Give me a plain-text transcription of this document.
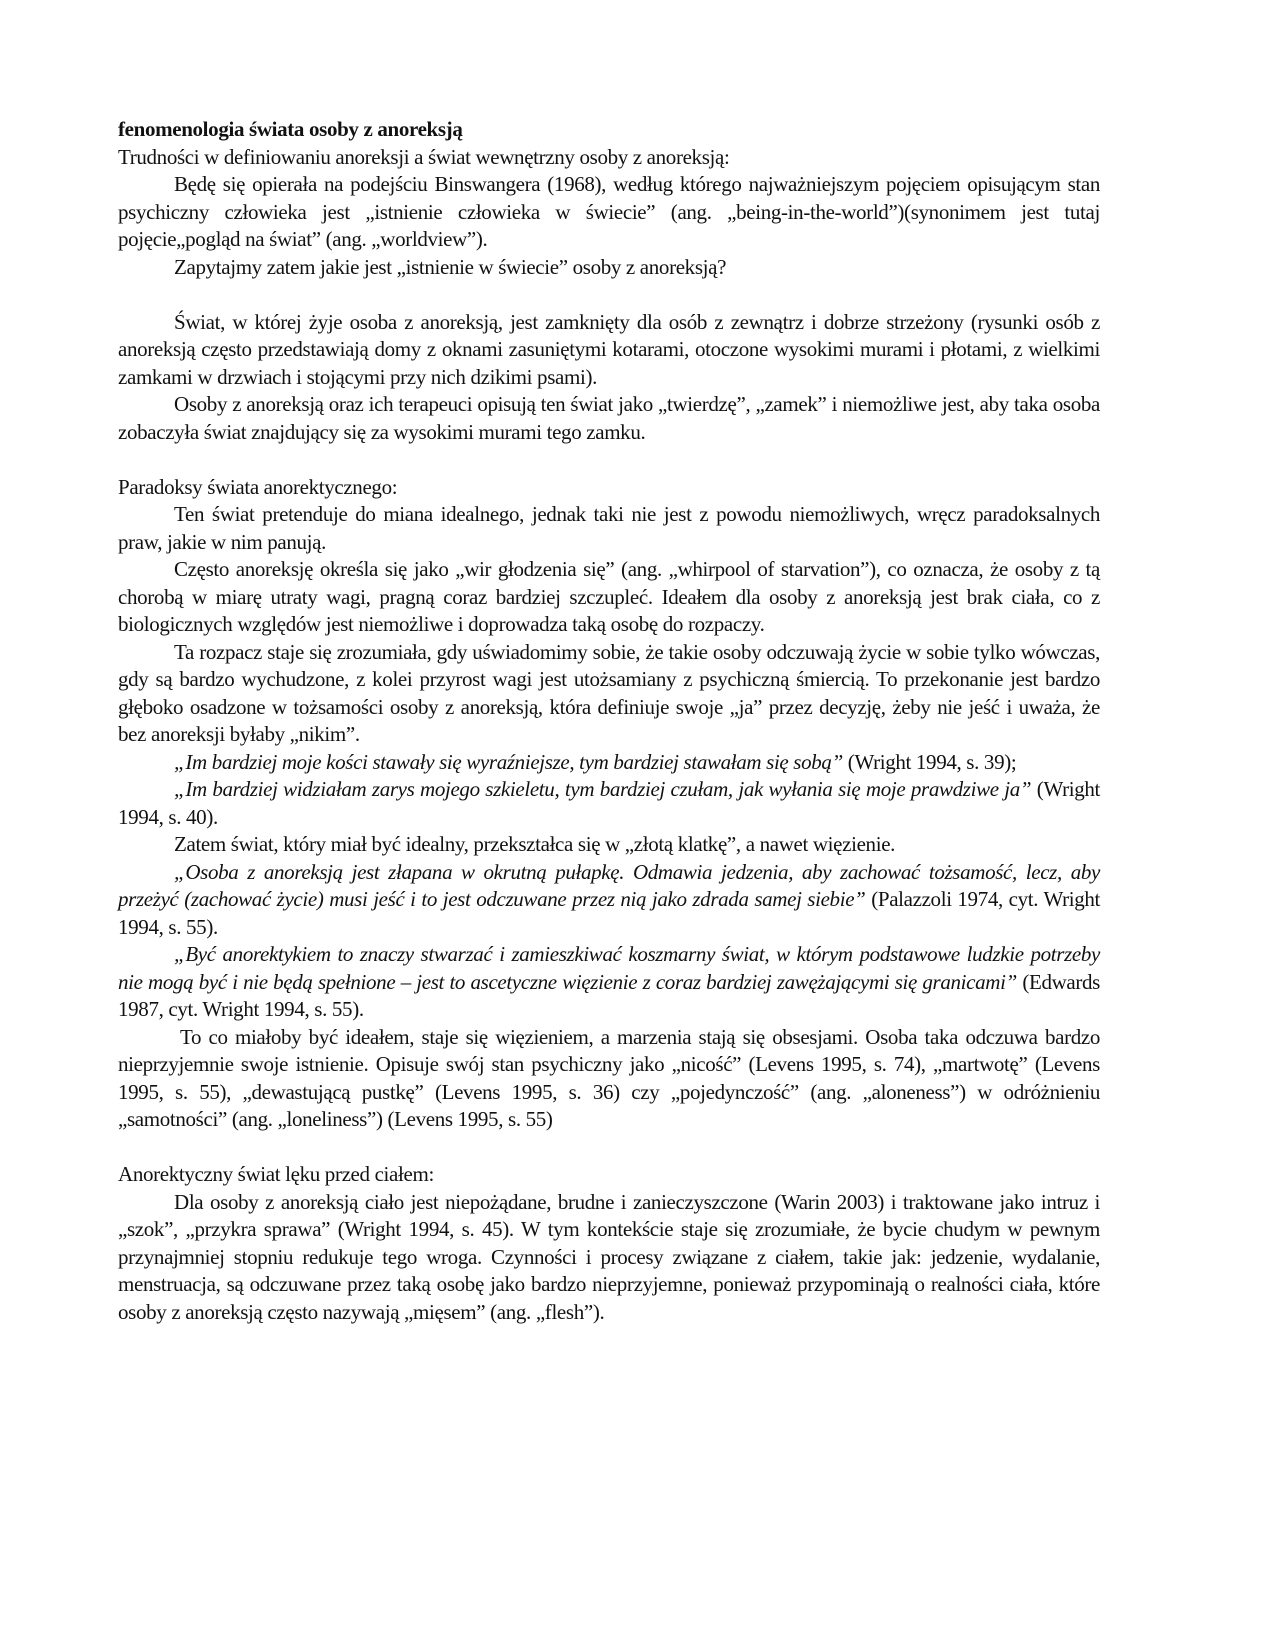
fenomenologia świata osoby z anoreksją

Trudności w definiowaniu anoreksji a świat wewnętrzny osoby z anoreksją:

Będę się opierała na podejściu Binswangera (1968), według którego najważniejszym pojęciem opisującym stan psychiczny człowieka jest „istnienie człowieka w świecie” (ang. „being-in-the-world”)(synonimem jest tutaj pojęcie„pogląd na świat” (ang. „worldview”).

Zapytajmy zatem jakie jest „istnienie w świecie” osoby z anoreksją?

Świat, w której żyje osoba z anoreksją, jest zamknięty dla osób z zewnątrz i dobrze strzeżony (rysunki osób z anoreksją często przedstawiają domy z oknami zasuniętymi kotarami, otoczone wysokimi murami i płotami, z wielkimi zamkami w drzwiach i stojącymi przy nich dzikimi psami).

Osoby z anoreksją oraz ich terapeuci opisują ten świat jako „twierdzę”, „zamek” i niemożliwe jest, aby taka osoba zobaczyła świat znajdujący się za wysokimi murami tego zamku.

Paradoksy świata anorektycznego:

Ten świat pretenduje do miana idealnego, jednak taki nie jest z powodu niemożliwych, wręcz paradoksalnych praw, jakie w nim panują.

Często anoreksję określa się jako „wir głodzenia się” (ang. „whirpool of starvation”), co oznacza, że osoby z tą chorobą w miarę utraty wagi, pragną coraz bardziej szczupleć. Ideałem dla osoby z anoreksją jest brak ciała, co z biologicznych względów jest niemożliwe i doprowadza taką osobę do rozpaczy.

Ta rozpacz staje się zrozumiała, gdy uświadomimy sobie, że takie osoby odczuwają życie w sobie tylko wówczas, gdy są bardzo wychudzone, z kolei przyrost wagi jest utożsamiany z psychiczną śmiercią. To przekonanie jest bardzo głęboko osadzone w tożsamości osoby z anoreksją, która definiuje swoje „ja” przez decyzję, żeby nie jeść i uważa, że bez anoreksji byłaby „nikim”.

„Im bardziej moje kości stawały się wyraźniejsze, tym bardziej stawałam się sobą” (Wright 1994, s. 39);

„Im bardziej widziałam zarys mojego szkieletu, tym bardziej czułam, jak wyłania się moje prawdziwe ja” (Wright 1994, s. 40).

Zatem świat, który miał być idealny, przekształca się w „złotą klatkę”, a nawet więzienie.

„Osoba z anoreksją jest złapana w okrutną pułapkę. Odmawia jedzenia, aby zachować tożsamość, lecz, aby przeżyć (zachować życie) musi jeść i to jest odczuwane przez nią jako zdrada samej siebie” (Palazzoli 1974, cyt. Wright 1994, s. 55).

„Być anorektykiem to znaczy stwarzać i zamieszkiwać koszmarny świat, w którym podstawowe ludzkie potrzeby nie mogą być i nie będą spełnione – jest to ascetyczne więzienie z coraz bardziej zawężającymi się granicami” (Edwards 1987, cyt. Wright 1994, s. 55).

To co miałoby być ideałem, staje się więzieniem, a marzenia stają się obsesjami. Osoba taka odczuwa bardzo nieprzyjemnie swoje istnienie. Opisuje swój stan psychiczny jako „nicość” (Levens 1995, s. 74), „martwotę” (Levens 1995, s. 55), „dewastującą pustkę” (Levens 1995, s. 36) czy „pojedynczość” (ang. „aloneness”) w odróżnieniu „samotności” (ang. „loneliness”) (Levens 1995, s. 55)

Anorektyczny świat lęku przed ciałem:

Dla osoby z anoreksją ciało jest niepożądane, brudne i zanieczyszczone (Warin 2003) i traktowane jako intruz i „szok”, „przykra sprawa” (Wright 1994, s. 45). W tym kontekście staje się zrozumiałe, że bycie chudym w pewnym przynajmniej stopniu redukuje tego wroga. Czynności i procesy związane z ciałem, takie jak: jedzenie, wydalanie, menstruacja, są odczuwane przez taką osobę jako bardzo nieprzyjemne, ponieważ przypominają o realności ciała, które osoby z anoreksją często nazywają „mięsem” (ang. „flesh”).
